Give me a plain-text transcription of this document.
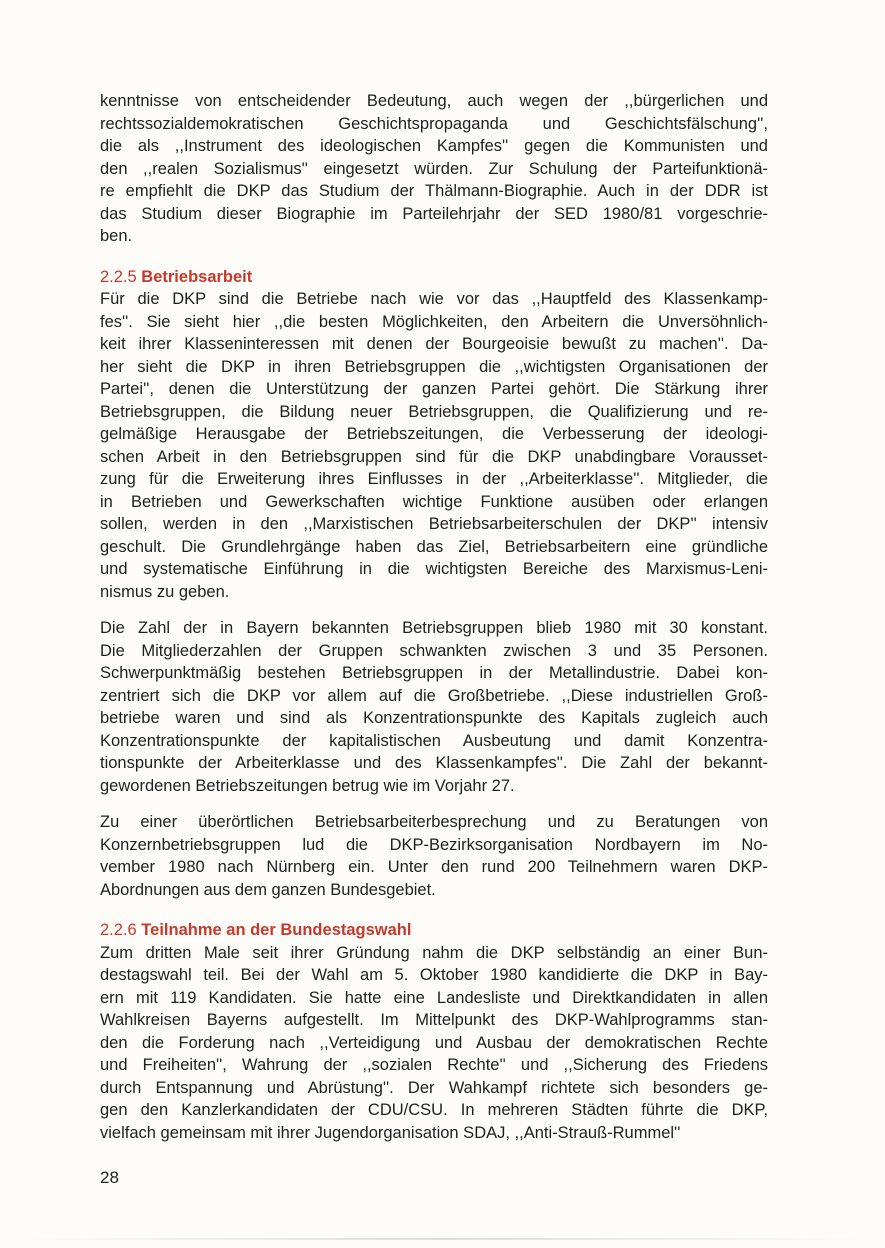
kenntnisse von entscheidender Bedeutung, auch wegen der ,,bürgerlichen und
rechtssozialdemokratischen Geschichtspropaganda und Geschichtsfälschung'',
die als ,,Instrument des ideologischen Kampfes'' gegen die Kommunisten und
den ,,realen Sozialismus'' eingesetzt würden. Zur Schulung der Parteifunktionä-
re empfiehlt die DKP das Studium der Thälmann-Biographie. Auch in der DDR ist
das Studium dieser Biographie im Parteilehrjahr der SED 1980/81 vorgeschrie-
ben.

2.2.5 Betriebsarbeit

Für die DKP sind die Betriebe nach wie vor das ,,Hauptfeld des Klassenkamp-
fes''. Sie sieht hier ,,die besten Möglichkeiten, den Arbeitern die Unversöhnlich-
keit ihrer Klasseninteressen mit denen der Bourgeoisie bewußt zu machen''. Da-
her sieht die DKP in ihren Betriebsgruppen die ,,wichtigsten Organisationen der
Partei'', denen die Unterstützung der ganzen Partei gehört. Die Stärkung ihrer
Betriebsgruppen, die Bildung neuer Betriebsgruppen, die Qualifizierung und re-
gelmäßige Herausgabe der Betriebszeitungen, die Verbesserung der ideologi-
schen Arbeit in den Betriebsgruppen sind für die DKP unabdingbare Vorausset-
zung für die Erweiterung ihres Einflusses in der ,,Arbeiterklasse''. Mitglieder, die
in Betrieben und Gewerkschaften wichtige Funktione ausüben oder erlangen
sollen, werden in den ,,Marxistischen Betriebsarbeiterschulen der DKP'' intensiv
geschult. Die Grundlehrgänge haben das Ziel, Betriebsarbeitern eine gründliche
und systematische Einführung in die wichtigsten Bereiche des Marxismus-Leni-
nismus zu geben.

Die Zahl der in Bayern bekannten Betriebsgruppen blieb 1980 mit 30 konstant.
Die Mitgliederzahlen der Gruppen schwankten zwischen 3 und 35 Personen.
Schwerpunktmäßig bestehen Betriebsgruppen in der Metallindustrie. Dabei kon-
zentriert sich die DKP vor allem auf die Großbetriebe. ,,Diese industriellen Groß-
betriebe waren und sind als Konzentrationspunkte des Kapitals zugleich auch
Konzentrationspunkte der kapitalistischen Ausbeutung und damit Konzentra-
tionspunkte der Arbeiterklasse und des Klassenkampfes''. Die Zahl der bekannt-
gewordenen Betriebszeitungen betrug wie im Vorjahr 27.

Zu einer überörtlichen Betriebsarbeiterbesprechung und zu Beratungen von
Konzernbetriebsgruppen lud die DKP-Bezirksorganisation Nordbayern im No-
vember 1980 nach Nürnberg ein. Unter den rund 200 Teilnehmern waren DKP-
Abordnungen aus dem ganzen Bundesgebiet.

2.2.6 Teilnahme an der Bundestagswahl

Zum dritten Male seit ihrer Gründung nahm die DKP selbständig an einer Bun-
destagswahl teil. Bei der Wahl am 5. Oktober 1980 kandidierte die DKP in Bay-
ern mit 119 Kandidaten. Sie hatte eine Landesliste und Direktkandidaten in allen
Wahlkreisen Bayerns aufgestellt. Im Mittelpunkt des DKP-Wahlprogramms stan-
den die Forderung nach ,,Verteidigung und Ausbau der demokratischen Rechte
und Freiheiten'', Wahrung der ,,sozialen Rechte'' und ,,Sicherung des Friedens
durch Entspannung und Abrüstung''. Der Wahkampf richtete sich besonders ge-
gen den Kanzlerkandidaten der CDU/CSU. In mehreren Städten führte die DKP,
vielfach gemeinsam mit ihrer Jugendorganisation SDAJ, ,,Anti-Strauß-Rummel''

28
